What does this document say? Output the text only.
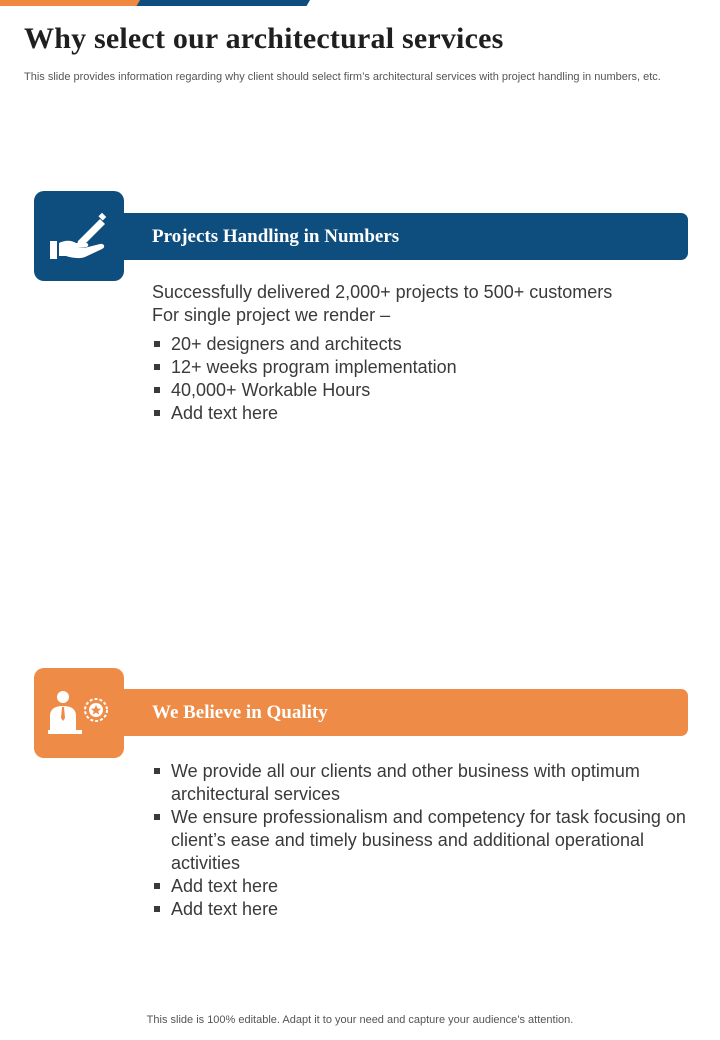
Why select our architectural services

This slide provides information regarding why client should select firm’s architectural services with project handling in numbers, etc.

Projects Handling in Numbers

Successfully delivered 2,000+ projects to 500+ customers

For single project we render –

20+ designers and architects
12+ weeks program implementation
40,000+ Workable Hours
Add text here
We Believe in Quality
We provide all our clients and other business with optimum architectural services
We ensure professionalism and competency for task focusing on client’s ease and timely business and additional operational activities
Add text here
Add text here
This slide is 100% editable. Adapt it to your need and capture your audience’s attention.
